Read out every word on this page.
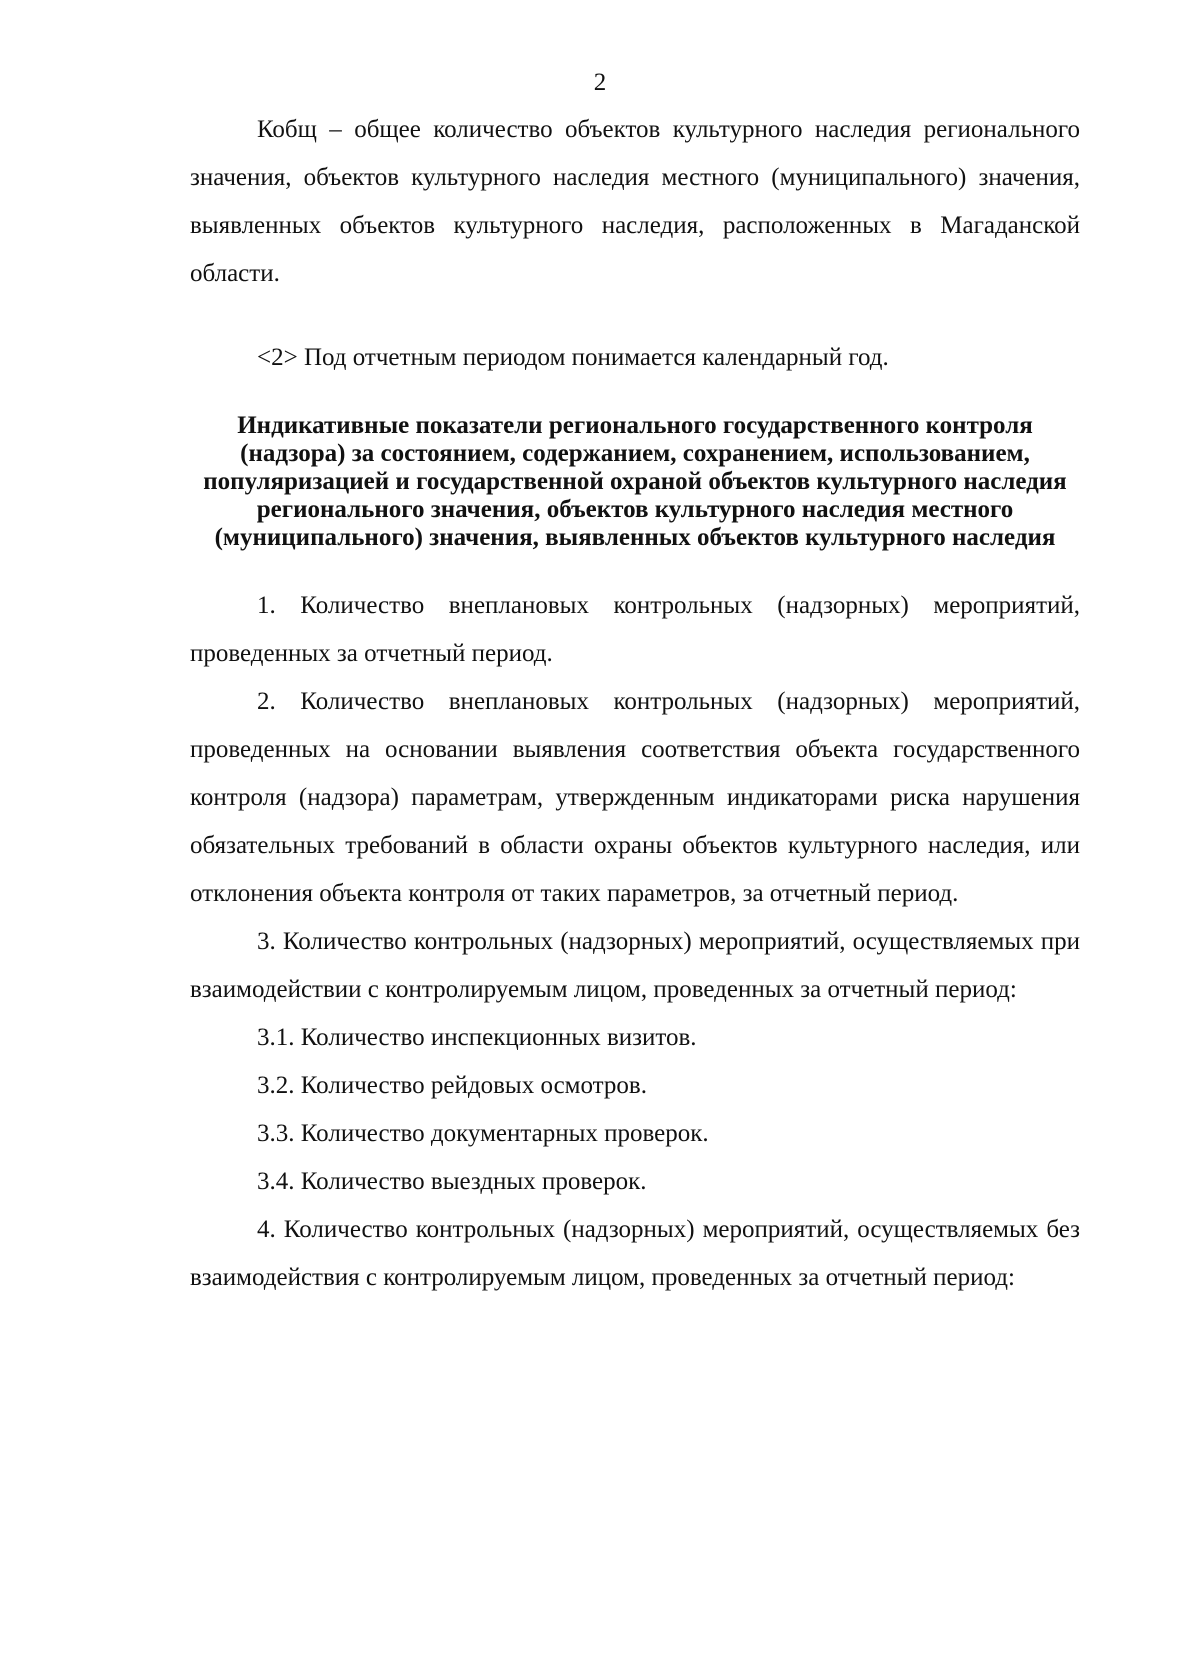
2

Кобщ – общее количество объектов культурного наследия регионального значения, объектов культурного наследия местного (муниципального) значения, выявленных объектов культурного наследия, расположенных в Магаданской области.

<2> Под отчетным периодом понимается календарный год.

Индикативные показатели регионального государственного контроля (надзора) за состоянием, содержанием, сохранением, использованием, популяризацией и государственной охраной объектов культурного наследия регионального значения, объектов культурного наследия местного (муниципального) значения, выявленных объектов культурного наследия

1. Количество внеплановых контрольных (надзорных) мероприятий, проведенных за отчетный период.

2. Количество внеплановых контрольных (надзорных) мероприятий, проведенных на основании выявления соответствия объекта государственного контроля (надзора) параметрам, утвержденным индикаторами риска нарушения обязательных требований в области охраны объектов культурного наследия, или отклонения объекта контроля от таких параметров, за отчетный период.

3. Количество контрольных (надзорных) мероприятий, осуществляемых при взаимодействии с контролируемым лицом, проведенных за отчетный период:

3.1. Количество инспекционных визитов.

3.2. Количество рейдовых осмотров.

3.3. Количество документарных проверок.

3.4. Количество выездных проверок.

4. Количество контрольных (надзорных) мероприятий, осуществляемых без взаимодействия с контролируемым лицом, проведенных за отчетный период:
